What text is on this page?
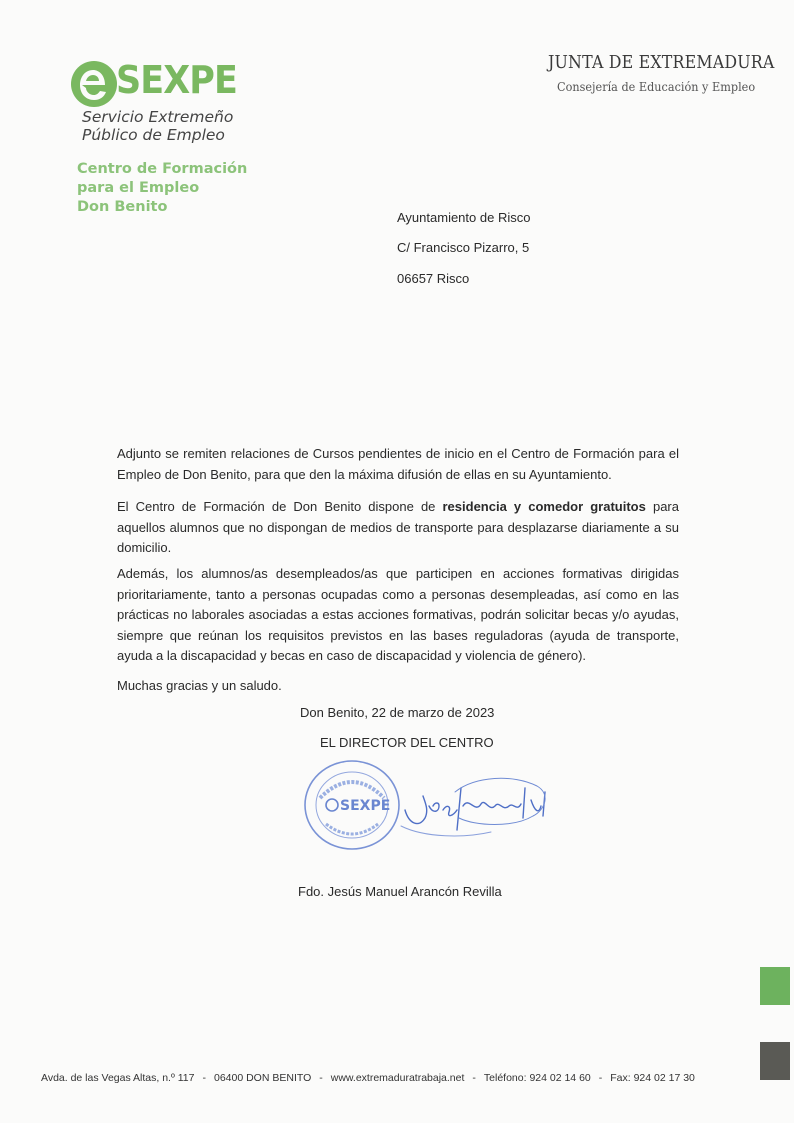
SEXPE
Servicio Extremeño
Público de Empleo
Centro de Formación
para el Empleo
Don Benito
JUNTA DE EXTREMADURA
Consejería de Educación y Empleo
Ayuntamiento de Risco
C/ Francisco Pizarro, 5
06657 Risco
Adjunto se remiten relaciones de Cursos pendientes de inicio en el Centro de Formación para el Empleo de Don Benito, para que den la máxima difusión de ellas en su Ayuntamiento.
El Centro de Formación de Don Benito dispone de residencia y comedor gratuitos para aquellos alumnos que no dispongan de medios de transporte para desplazarse diariamente a su domicilio.
Además, los alumnos/as desempleados/as que participen en acciones formativas dirigidas prioritariamente, tanto a personas ocupadas como a personas desempleadas, así como en las prácticas no laborales asociadas a estas acciones formativas, podrán solicitar becas y/o ayudas, siempre que reúnan los requisitos previstos en las bases reguladoras (ayuda de transporte, ayuda a la discapacidad y becas en caso de discapacidad y violencia de género).
Muchas gracias y un saludo.
Don Benito, 22 de marzo de 2023
EL DIRECTOR DEL CENTRO
SEXPE
Fdo. Jesús Manuel Arancón Revilla
Avda. de las Vegas Altas, n.º 117 - 06400 DON BENITO - www.extremaduratrabaja.net - Teléfono: 924 02 14 60 - Fax: 924 02 17 30
